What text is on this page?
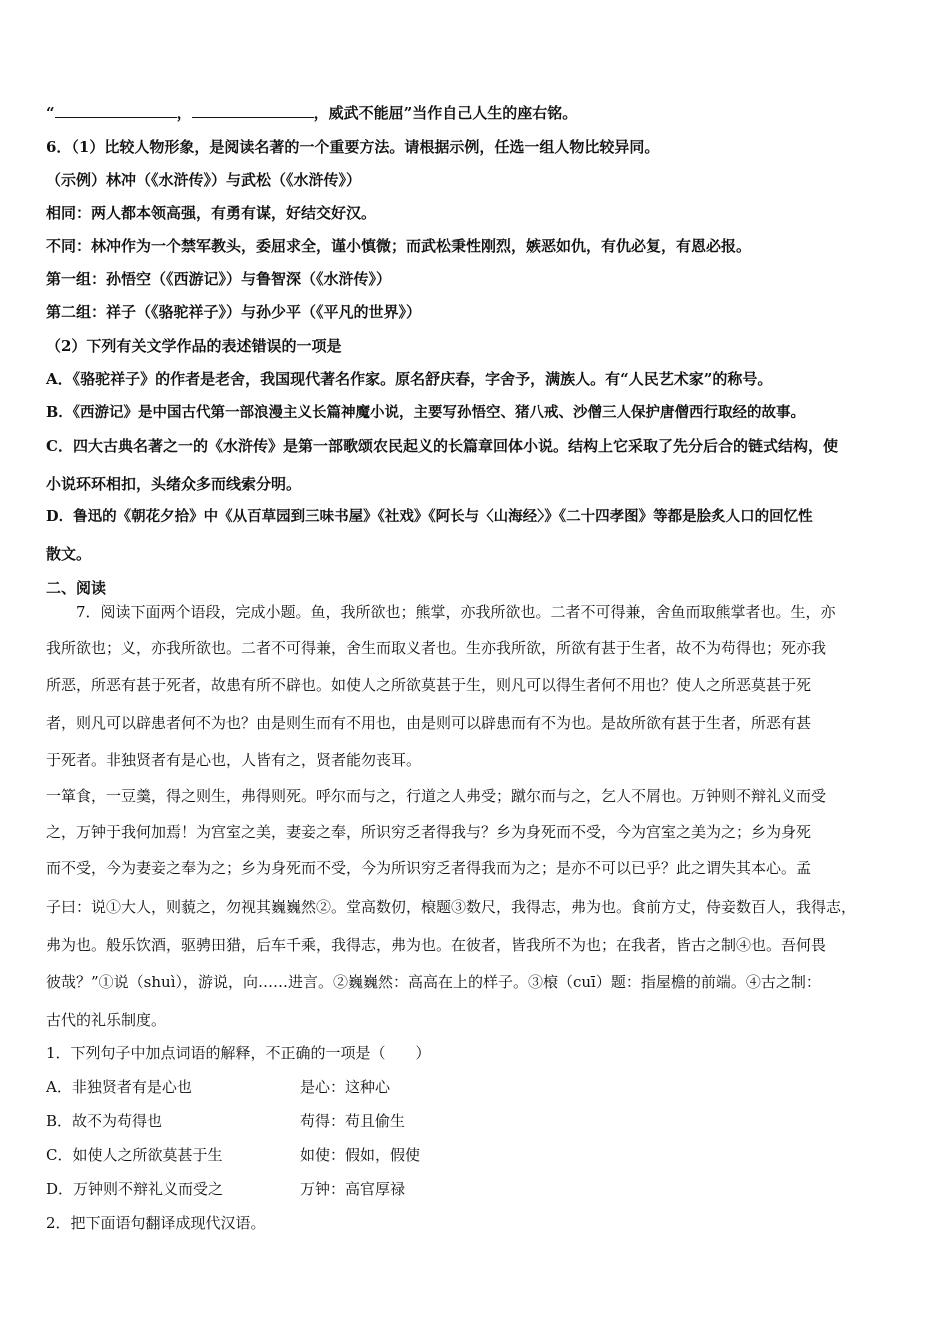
“	，	，威武不能屈”当作自己人生的座右铭。
6．（1）比较人物形象，是阅读名著的一个重要方法。请根据示例，任选一组人物比较异同。
（示例）林冲（《水浒传》）与武松（《水浒传》）
相同：两人都本领高强，有勇有谋，好结交好汉。
不同：林冲作为一个禁军教头，委屈求全，谨小慎微；而武松秉性刚烈，嫉恶如仇，有仇必复，有恩必报。
第一组：孙悟空（《西游记》）与鲁智深（《水浒传》）
第二组：祥子（《骆驼祥子》）与孙少平（《平凡的世界》）
（2）下列有关文学作品的表述错误的一项是
A．《骆驼祥子》的作者是老舍，我国现代著名作家。原名舒庆春，字舍予，满族人。有“人民艺术家”的称号。
B．《西游记》是中国古代第一部浪漫主义长篇神魔小说，主要写孙悟空、猪八戒、沙僧三人保护唐僧西行取经的故事。
C．四大古典名著之一的《水浒传》是第一部歌颂农民起义的长篇章回体小说。结构上它采取了先分后合的链式结构，使
小说环环相扣，头绪众多而线索分明。
D．鲁迅的《朝花夕拾》中《从百草园到三味书屋》《社戏》《阿长与〈山海经〉》《二十四孝图》等都是脍炙人口的回忆性
散文。
二、阅读
7．阅读下面两个语段，完成小题。鱼，我所欲也；熊掌，亦我所欲也。二者不可得兼，舍鱼而取熊掌者也。生，亦
我所欲也；义，亦我所欲也。二者不可得兼，舍生而取义者也。生亦我所欲，所欲有甚于生者，故不为苟得也；死亦我
所恶，所恶有甚于死者，故患有所不辟也。如使人之所欲莫甚于生，则凡可以得生者何不用也？使人之所恶莫甚于死
者，则凡可以辟患者何不为也？由是则生而有不用也，由是则可以辟患而有不为也。是故所欲有甚于生者，所恶有甚
于死者。非独贤者有是心也，人皆有之，贤者能勿丧耳。
一箪食，一豆羹，得之则生，弗得则死。呼尔而与之，行道之人弗受；蹴尔而与之，乞人不屑也。万钟则不辩礼义而受
之，万钟于我何加焉！为宫室之美，妻妾之奉，所识穷乏者得我与？乡为身死而不受，今为宫室之美为之；乡为身死
而不受，今为妻妾之奉为之；乡为身死而不受，今为所识穷乏者得我而为之；是亦不可以已乎？此之谓失其本心。孟
子曰：说①大人，则藐之，勿视其巍巍然②。堂高数仞，榱题③数尺，我得志，弗为也。食前方丈，侍妾数百人，我得志，
弗为也。般乐饮酒，驱骋田猎，后车千乘，我得志，弗为也。在彼者，皆我所不为也；在我者，皆古之制④也。吾何畏
彼哉？”①说（shuì），游说，向……进言。②巍巍然：高高在上的样子。③榱（cuī）题：指屋檐的前端。④古之制：
古代的礼乐制度。
1．下列句子中加点词语的解释，不正确的一项是（　　）
A．非独贤者有是心也	是心：这种心
B．故不为苟得也	苟得：苟且偷生
C．如使人之所欲莫甚于生	如使：假如，假使
D．万钟则不辩礼义而受之	万钟：高官厚禄
2．把下面语句翻译成现代汉语。
